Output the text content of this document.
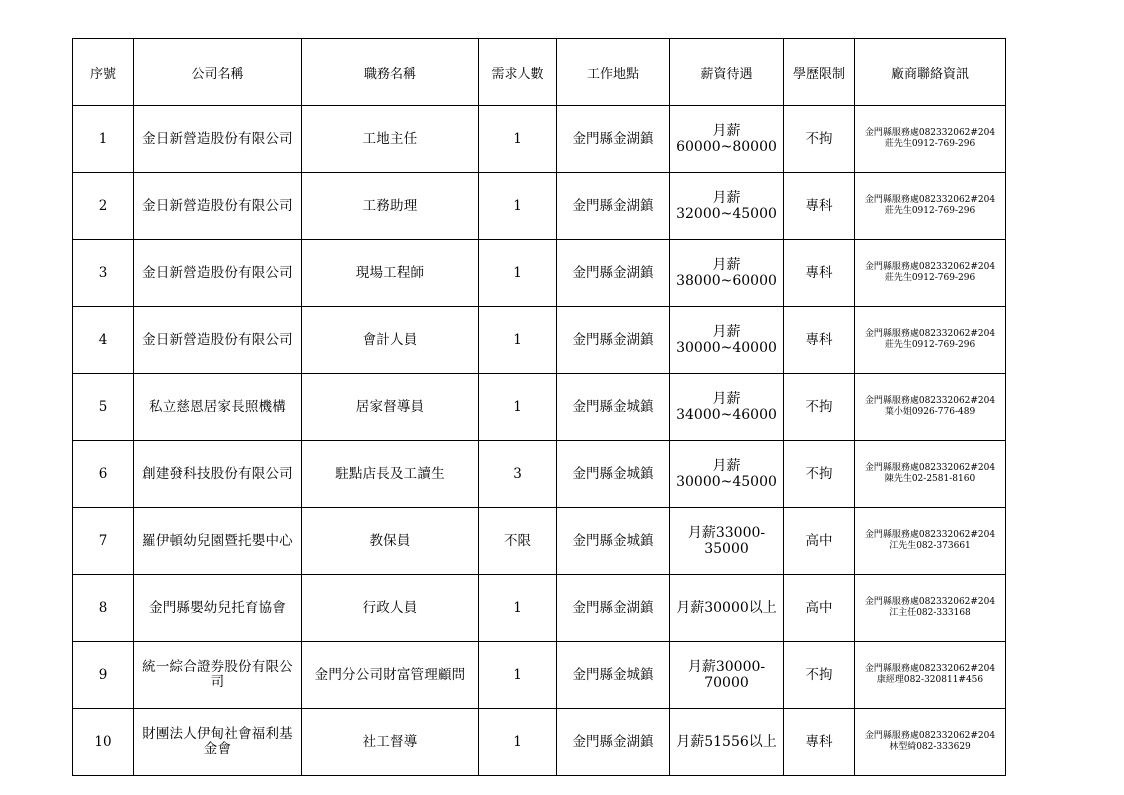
序號	公司名稱	職務名稱	需求人數	工作地點	薪資待遇	學歷限制	廠商聯絡資訊
1	金日新營造股份有限公司	工地主任	1	金門縣金湖鎮	月薪
60000~80000	不拘	金門縣服務處082332062#204
莊先生0912-769-296

2	金日新營造股份有限公司	工務助理	1	金門縣金湖鎮	月薪
32000~45000	專科	金門縣服務處082332062#204
莊先生0912-769-296

3	金日新營造股份有限公司	現場工程師	1	金門縣金湖鎮	月薪
38000~60000	專科	金門縣服務處082332062#204
莊先生0912-769-296

4	金日新營造股份有限公司	會計人員	1	金門縣金湖鎮	月薪
30000~40000	專科	金門縣服務處082332062#204
莊先生0912-769-296

5	私立慈恩居家長照機構	居家督導員	1	金門縣金城鎮	月薪
34000~46000	不拘	金門縣服務處082332062#204
葉小姐0926-776-489

6	創建發科技股份有限公司	駐點店長及工讀生	3	金門縣金城鎮	月薪
30000~45000	不拘	金門縣服務處082332062#204
陳先生02-2581-8160

7	羅伊頓幼兒園暨托嬰中心	教保員	不限	金門縣金城鎮	月薪33000-
35000	高中	金門縣服務處082332062#204
江先生082-373661

8	金門縣嬰幼兒托育協會	行政人員	1	金門縣金湖鎮	月薪30000以上	高中	金門縣服務處082332062#204
江主任082-333168

9	統一綜合證券股份有限公司	金門分公司財富管理顧問	1	金門縣金城鎮	月薪30000-
70000	不拘	金門縣服務處082332062#204
康經理082-320811#456

10	財團法人伊甸社會福利基金會	社工督導	1	金門縣金湖鎮	月薪51556以上	專科	金門縣服務處082332062#204
林型綺082-333629
